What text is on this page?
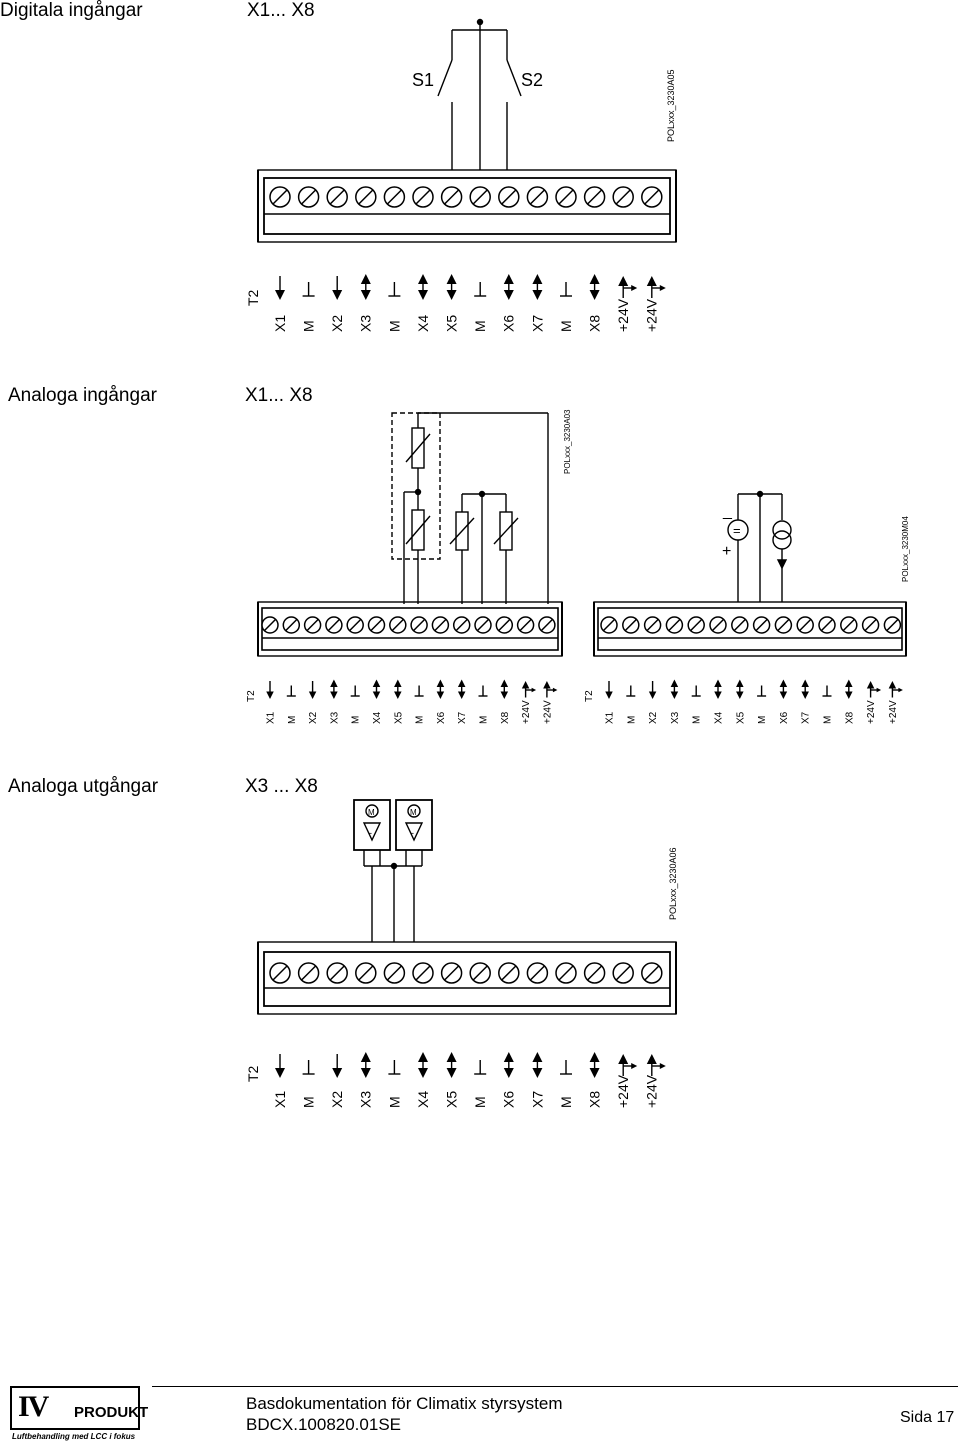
Digitala ingångar	X1... X8
Analoga ingångar	X1... X8
Analoga utgångar	X3 ... X8
S1	S2	POLxxx_3230A05
POLxxx_3230A03
POLxxx_3230M04
POLxxx_3230A06
_
+
=
M	M
-	-
T2
X1 M X2 X3 M X4 X5 M X6 X7 M X8 +24V +24V
T2
X1 M X2 X3 M X4 X5 M X6 X7 M X8 +24V +24V
T2
X1 M X2 X3 M X4 X5 M X6 X7 M X8 +24V +24V
T2
X1 M X2 X3 M X4 X5 M X6 X7 M X8 +24V +24V
IV PRODUKT
Luftbehandling med LCC i fokus
Basdokumentation för Climatix styrsystem
BDCX.100820.01SE	Sida 17
